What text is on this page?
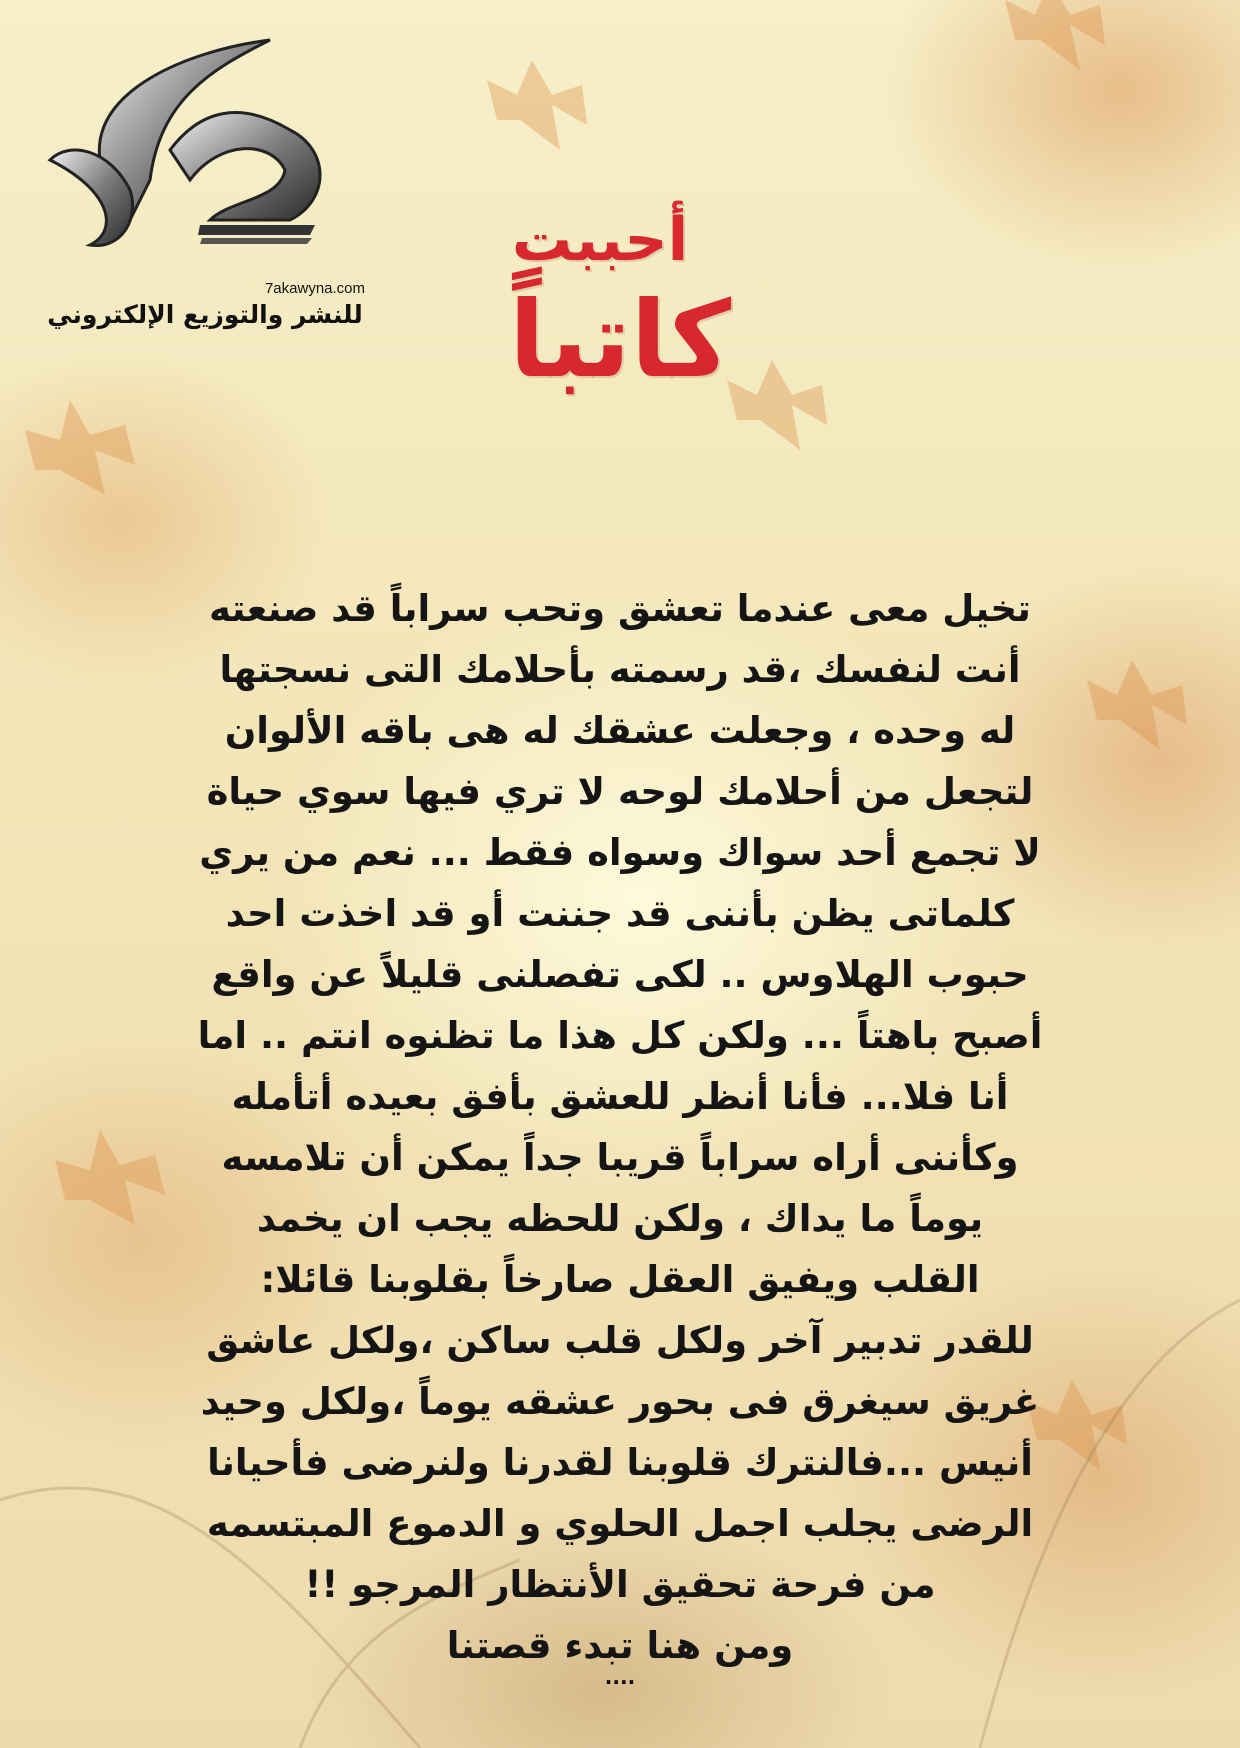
7akawyna.com
للنشر والتوزيع الإلكتروني
أحببت
كاتباً
تخيل معى عندما تعشق وتحب سراباً قد صنعته
أنت لنفسك ،قد رسمته بأحلامك التى نسجتها
له وحده ، وجعلت عشقك له هى باقه الألوان
لتجعل من أحلامك لوحه لا تري فيها سوي حياة
لا تجمع أحد سواك وسواه فقط ... نعم من يري
كلماتى يظن بأننى قد جننت أو قد اخذت احد
حبوب الهلاوس .. لكى تفصلنى قليلاً عن واقع
أصبح باهتاً ... ولكن كل هذا ما تظنوه انتم .. اما
أنا فلا... فأنا أنظر للعشق بأفق بعيده أتأمله
وكأننى أراه سراباً قريبا جداً يمكن أن تلامسه
يوماً ما يداك ، ولكن للحظه يجب ان يخمد
القلب ويفيق العقل صارخاً بقلوبنا قائلا:
للقدر تدبير آخر ولكل قلب ساكن ،ولكل عاشق
غريق سيغرق فى بحور عشقه يوماً ،ولكل وحيد
أنيس ...فالنترك قلوبنا لقدرنا ولنرضى فأحيانا
الرضى يجلب اجمل الحلوي و الدموع المبتسمه
من فرحة تحقيق الأنتظار المرجو !!
ومن هنا تبدء قصتنا
....
